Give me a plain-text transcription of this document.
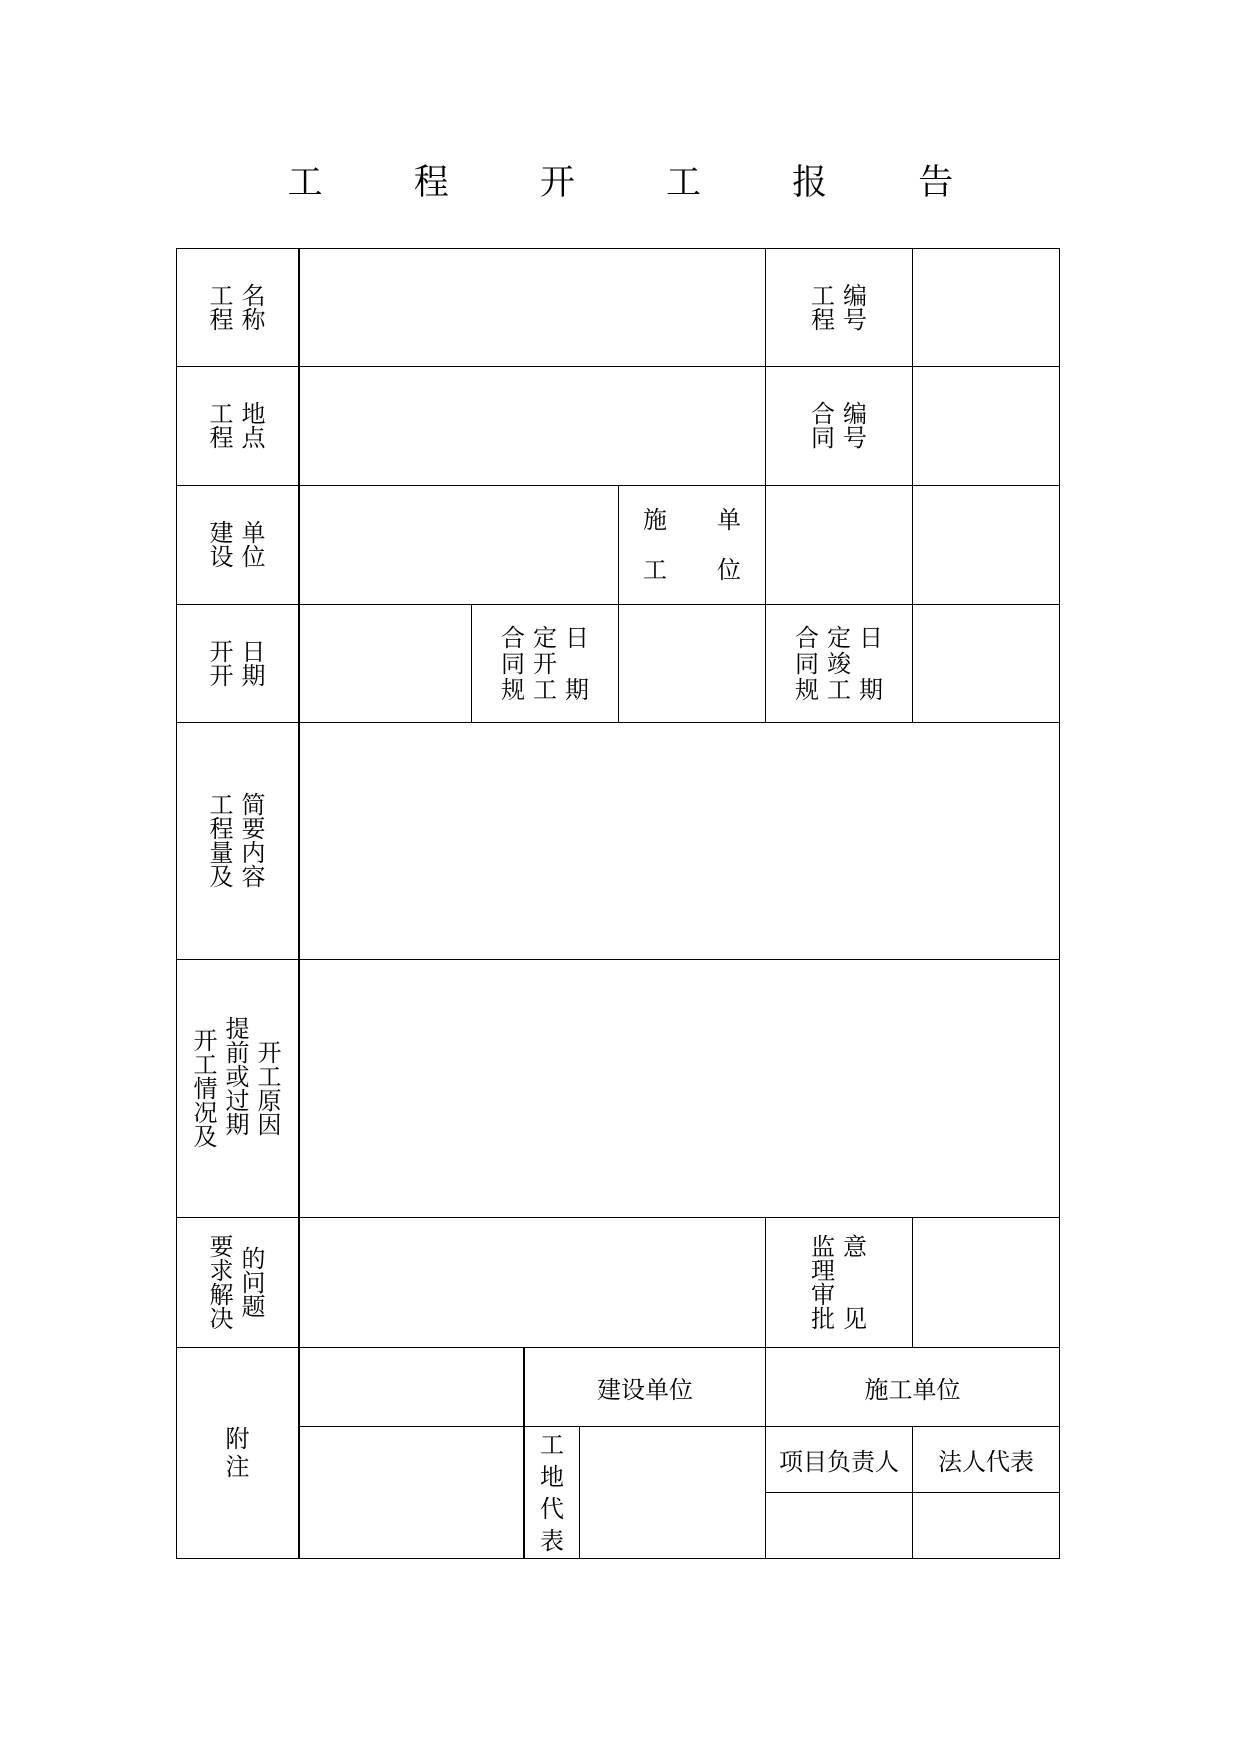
工 程 开 工 报 告
工 名
程 称
工 编
程 号
工 地
程 点
合 编
同 号
建 单
设 位
施 单
工 位
开 日
开 期
合 定 日
同 开
规 工 期
合 定 日
同 竣
规 工 期
工
程
量
及
简
要
内
容
开
工
情
况
及
提
前
或
过
期
开
工
原
因
要
求
解
决
的
问
题
监
理
审
批
意
见
附
注
建设单位	施工单位
工
地
代
表
项目负责人 法人代表
